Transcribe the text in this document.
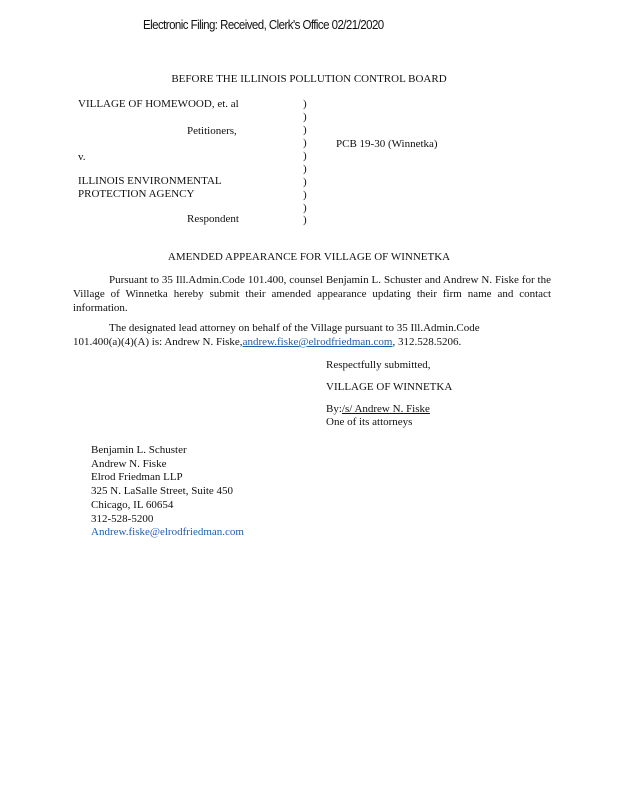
Electronic Filing: Received, Clerk's Office 02/21/2020
BEFORE THE ILLINOIS POLLUTION CONTROL BOARD
VILLAGE OF HOMEWOOD, et. al
Petitioners,
v.
ILLINOIS ENVIRONMENTAL
PROTECTION AGENCY
Respondent
)
)
)
)
)
)
)
)
)
)
PCB 19-30 (Winnetka)
AMENDED APPEARANCE FOR VILLAGE OF WINNETKA
Pursuant to 35 Ill.Admin.Code 101.400, counsel Benjamin L. Schuster and Andrew N. Fiske for the Village of Winnetka hereby submit their amended appearance updating their firm name and contact information.
The designated lead attorney on behalf of the Village pursuant to 35 Ill.Admin.Code
101.400(a)(4)(A) is: Andrew N. Fiske,andrew.fiske@elrodfriedman.com, 312.528.5206.
Respectfully submitted,
VILLAGE OF WINNETKA
By:/s/ Andrew N. Fiske
One of its attorneys
Benjamin L. Schuster
Andrew N. Fiske
Elrod Friedman LLP
325 N. LaSalle Street, Suite 450
Chicago, IL 60654
312-528-5200
Andrew.fiske@elrodfriedman.com
